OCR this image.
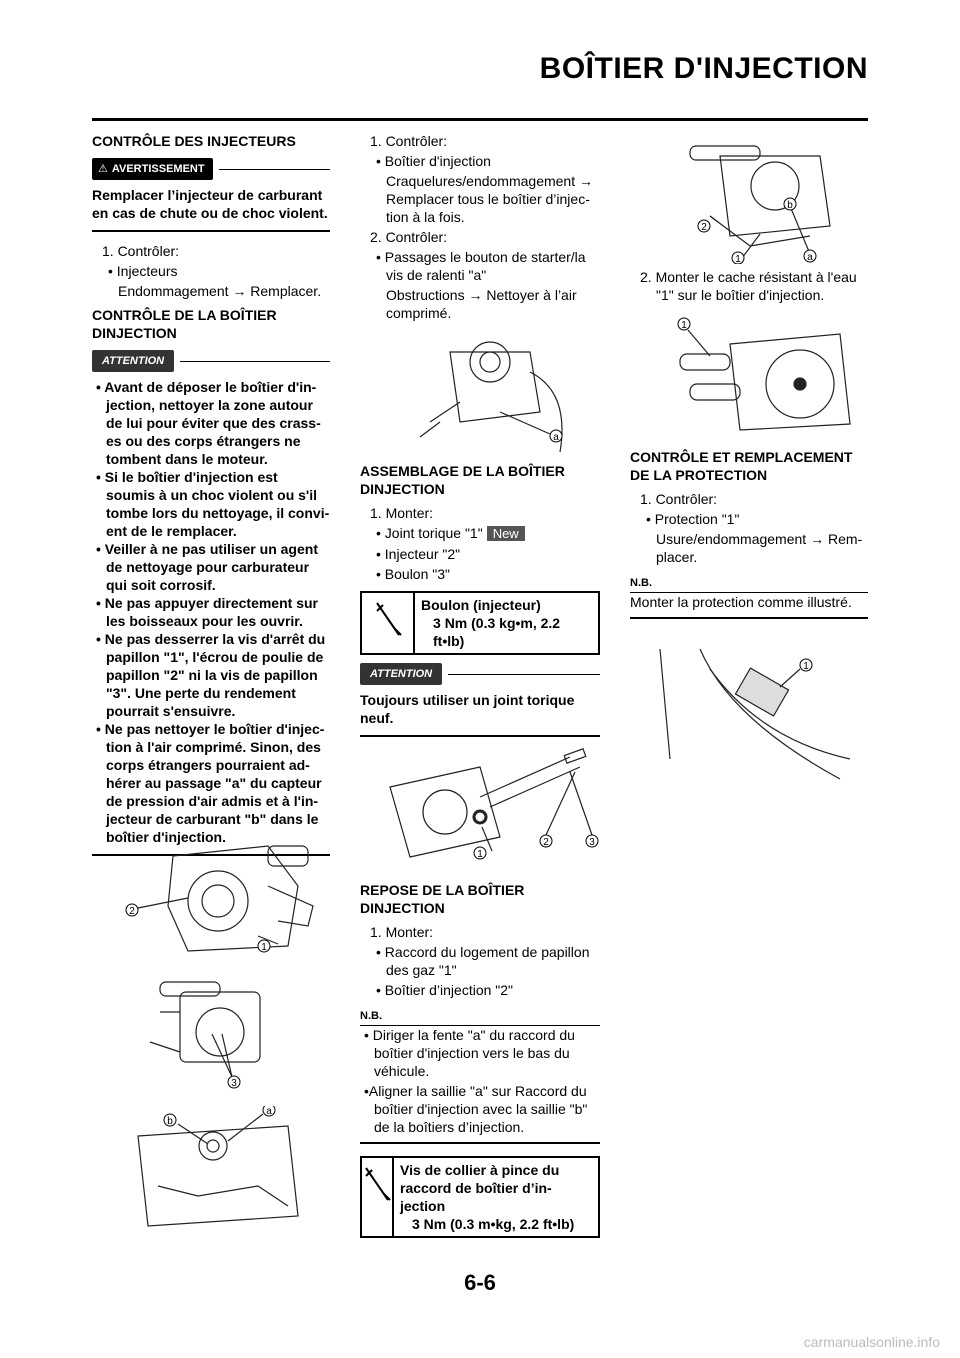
BOÎTIER D'INJECTION
CONTRÔLE DES INJECTEURS
⚠ AVERTISSEMENT
Remplacer l’injecteur de carburant en cas de chute ou de choc violent.
1. Contrôler:
• Injecteurs
Endommagement → Remplacer.
CONTRÔLE DE LA BOÎTIER DINJECTION
ATTENTION
• Avant de déposer le boîtier d'in- jection, nettoyer la zone autour de lui pour éviter que des crass- es ou des corps étrangers ne tombent dans le moteur.
• Si le boîtier d'injection est soumis à un choc violent ou s'il tombe lors du nettoyage, il convi- ent de le remplacer.
• Veiller à ne pas utiliser un agent de nettoyage pour carburateur qui soit corrosif.
• Ne pas appuyer directement sur les boisseaux pour les ouvrir.
• Ne pas desserrer la vis d'arrêt du papillon "1", l'écrou de poulie de papillon "2" ni la vis de papillon "3". Une perte du rendement pourrait s'ensuivre.
• Ne pas nettoyer le boîtier d'injec- tion à l'air comprimé. Sinon, des corps étrangers pourraient ad- hérer au passage "a" du capteur de pression d'air admis et à l'in- jecteur de carburant "b" dans le boîtier d'injection.
2
1
3
b
a
1. Contrôler:
• Boîtier d'injection
Craquelures/endommagement → Remplacer tous le boîtier d’injec- tion à la fois.
2. Contrôler:
• Passages le bouton de starter/la vis de ralenti "a"
Obstructions → Nettoyer à l’air comprimé.
a
ASSEMBLAGE DE LA BOÎTIER DINJECTION
1. Monter:
• Joint torique "1" New
• Injecteur "2"
• Boulon "3"
Boulon (injecteur)
3 Nm (0.3 kg•m, 2.2 ft•lb)
ATTENTION
Toujours utiliser un joint torique neuf.
1
2	3
REPOSE DE LA BOÎTIER DINJECTION
1. Monter:
• Raccord du logement de papillon des gaz "1"
• Boîtier d’injection "2"
N.B.
• Diriger la fente "a" du raccord du boîtier d'injection vers le bas du véhicule.
•Aligner la saillie "a" sur Raccord du boîtier d'injection avec la saillie "b" de la boîtiers d’injection.
Vis de collier à pince du raccord de boîtier d’in- jection
3 Nm (0.3 m•kg, 2.2 ft•lb)
2
b
1	a
2. Monter le cache résistant à l'eau "1" sur le boîtier d'injection.
1
CONTRÔLE ET REMPLACEMENT DE LA PROTECTION
1. Contrôler:
• Protection "1"
Usure/endommagement → Rem- placer.
N.B.
Monter la protection comme illustré.
1
6-6
carmanualsonline.info
